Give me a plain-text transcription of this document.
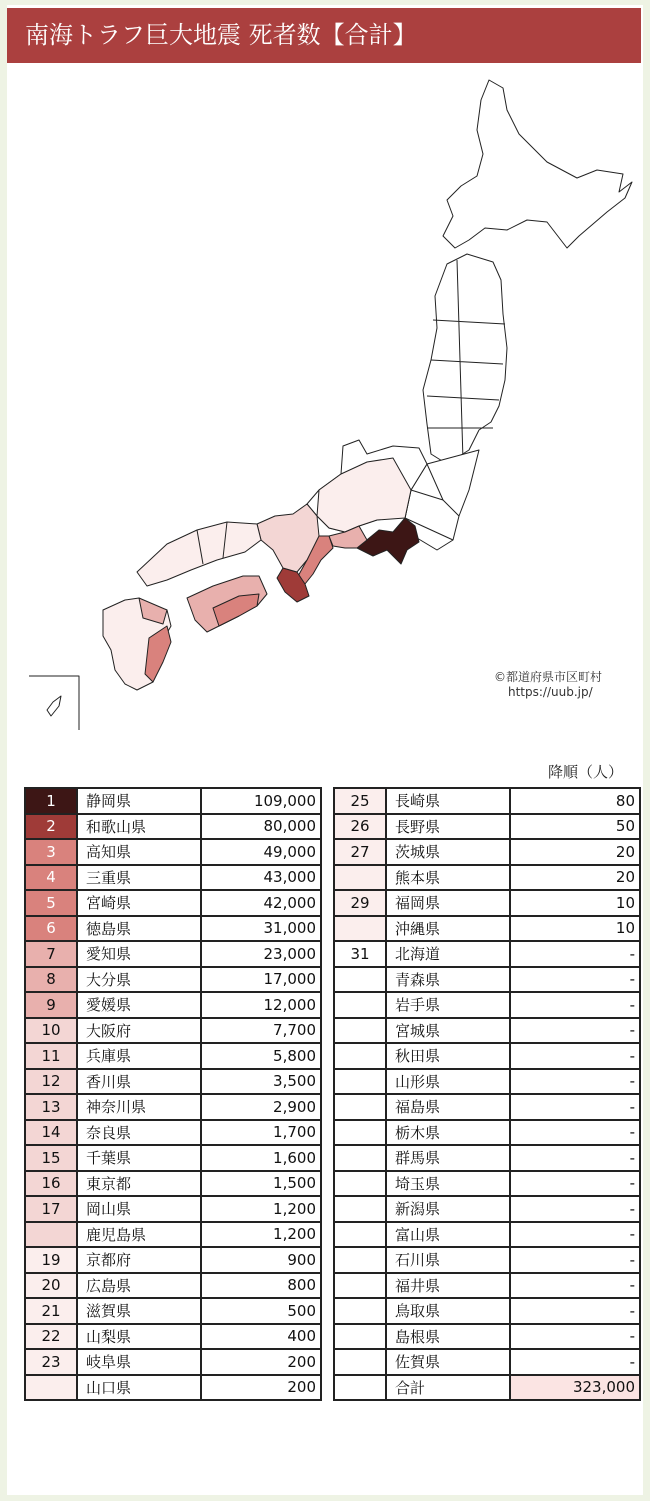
南海トラフ巨大地震 死者数【合計】
©都道府県市区町村
https://uub.jp/
降順（人）
1	静岡県	109,000
2	和歌山県	80,000
3	高知県	49,000
4	三重県	43,000
5	宮崎県	42,000
6	徳島県	31,000
7	愛知県	23,000
8	大分県	17,000
9	愛媛県	12,000
10	大阪府	7,700
11	兵庫県	5,800
12	香川県	3,500
13	神奈川県	2,900
14	奈良県	1,700
15	千葉県	1,600
16	東京都	1,500
17	岡山県	1,200
	鹿児島県	1,200
19	京都府	900
20	広島県	800
21	滋賀県	500
22	山梨県	400
23	岐阜県	200
	山口県	200
25	長崎県	80
26	長野県	50
27	茨城県	20
	熊本県	20
29	福岡県	10
	沖縄県	10
31	北海道	-
	青森県	-
	岩手県	-
	宮城県	-
	秋田県	-
	山形県	-
	福島県	-
	栃木県	-
	群馬県	-
	埼玉県	-
	新潟県	-
	富山県	-
	石川県	-
	福井県	-
	鳥取県	-
	島根県	-
	佐賀県	-
	合計	323,000
